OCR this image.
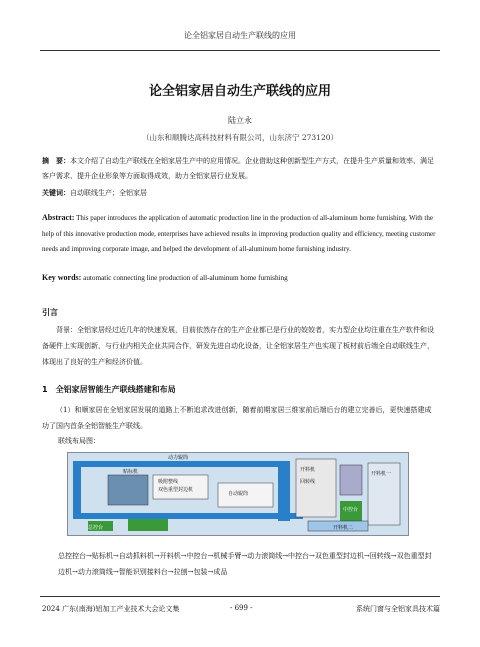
论全铝家居自动生产联线的应用
论全铝家居自动生产联线的应用
陆立永
（山东和顺腾达高科技材料有限公司，山东济宁 273120）
摘　要：本文介绍了自动生产联线在全铝家居生产中的应用情况。企业借助这种创新型生产方式，在提升生产质量和效率、满足客户需求、提升企业形象等方面取得成效，助力全铝家居行业发展。
关键词：自动联线生产；全铝家居
Abstract: This paper introduces the application of automatic production line in the production of all-aluminum home furnishing. With the help of this innovative production mode, enterprises have achieved results in improving production quality and efficiency, meeting customer needs and improving corporate image, and helped the development of all-aluminum home furnishing industry.
Key words: automatic connecting line production of all-aluminum home furnishing
引言
背景：全铝家居经过近几年的快速发展，目前依然存在的生产企业都已是行业的姣姣者，实力型企业均注重在生产软件和设备硬件上实现创新，与行业内相关企业共同合作，研发先进自动化设备，让全铝家居生产也实现了板材前后端全自动联线生产，体现出了良好的生产和经济价值。
1　全铝家居智能生产联线搭建和布局
（1）和顺家居在全铝家居发展的道路上不断追求改进创新，随着前期家居三维家前后端后台的建立完善后，更快速搭建成功了国内首条全铝智能生产联线。
联线布局图：
动力辊筒
贴标机
吸附整线
双色重型封边机
自动辊筒
开料机
回转线
开料机一
开料机二
中控台
总控台
总控控台→贴标机→自动抓料机→开料机→中控台→机械手臂→动力滚筒线→中控台→双色重型封边机→回转线→双色重型封边机→动力滚筒线→智能识别接料台→拉刨→包装→成品
2024 广东(南海)铝加工产业技术大会论文集	- 699 -	系统门窗与全铝家具技术篇
